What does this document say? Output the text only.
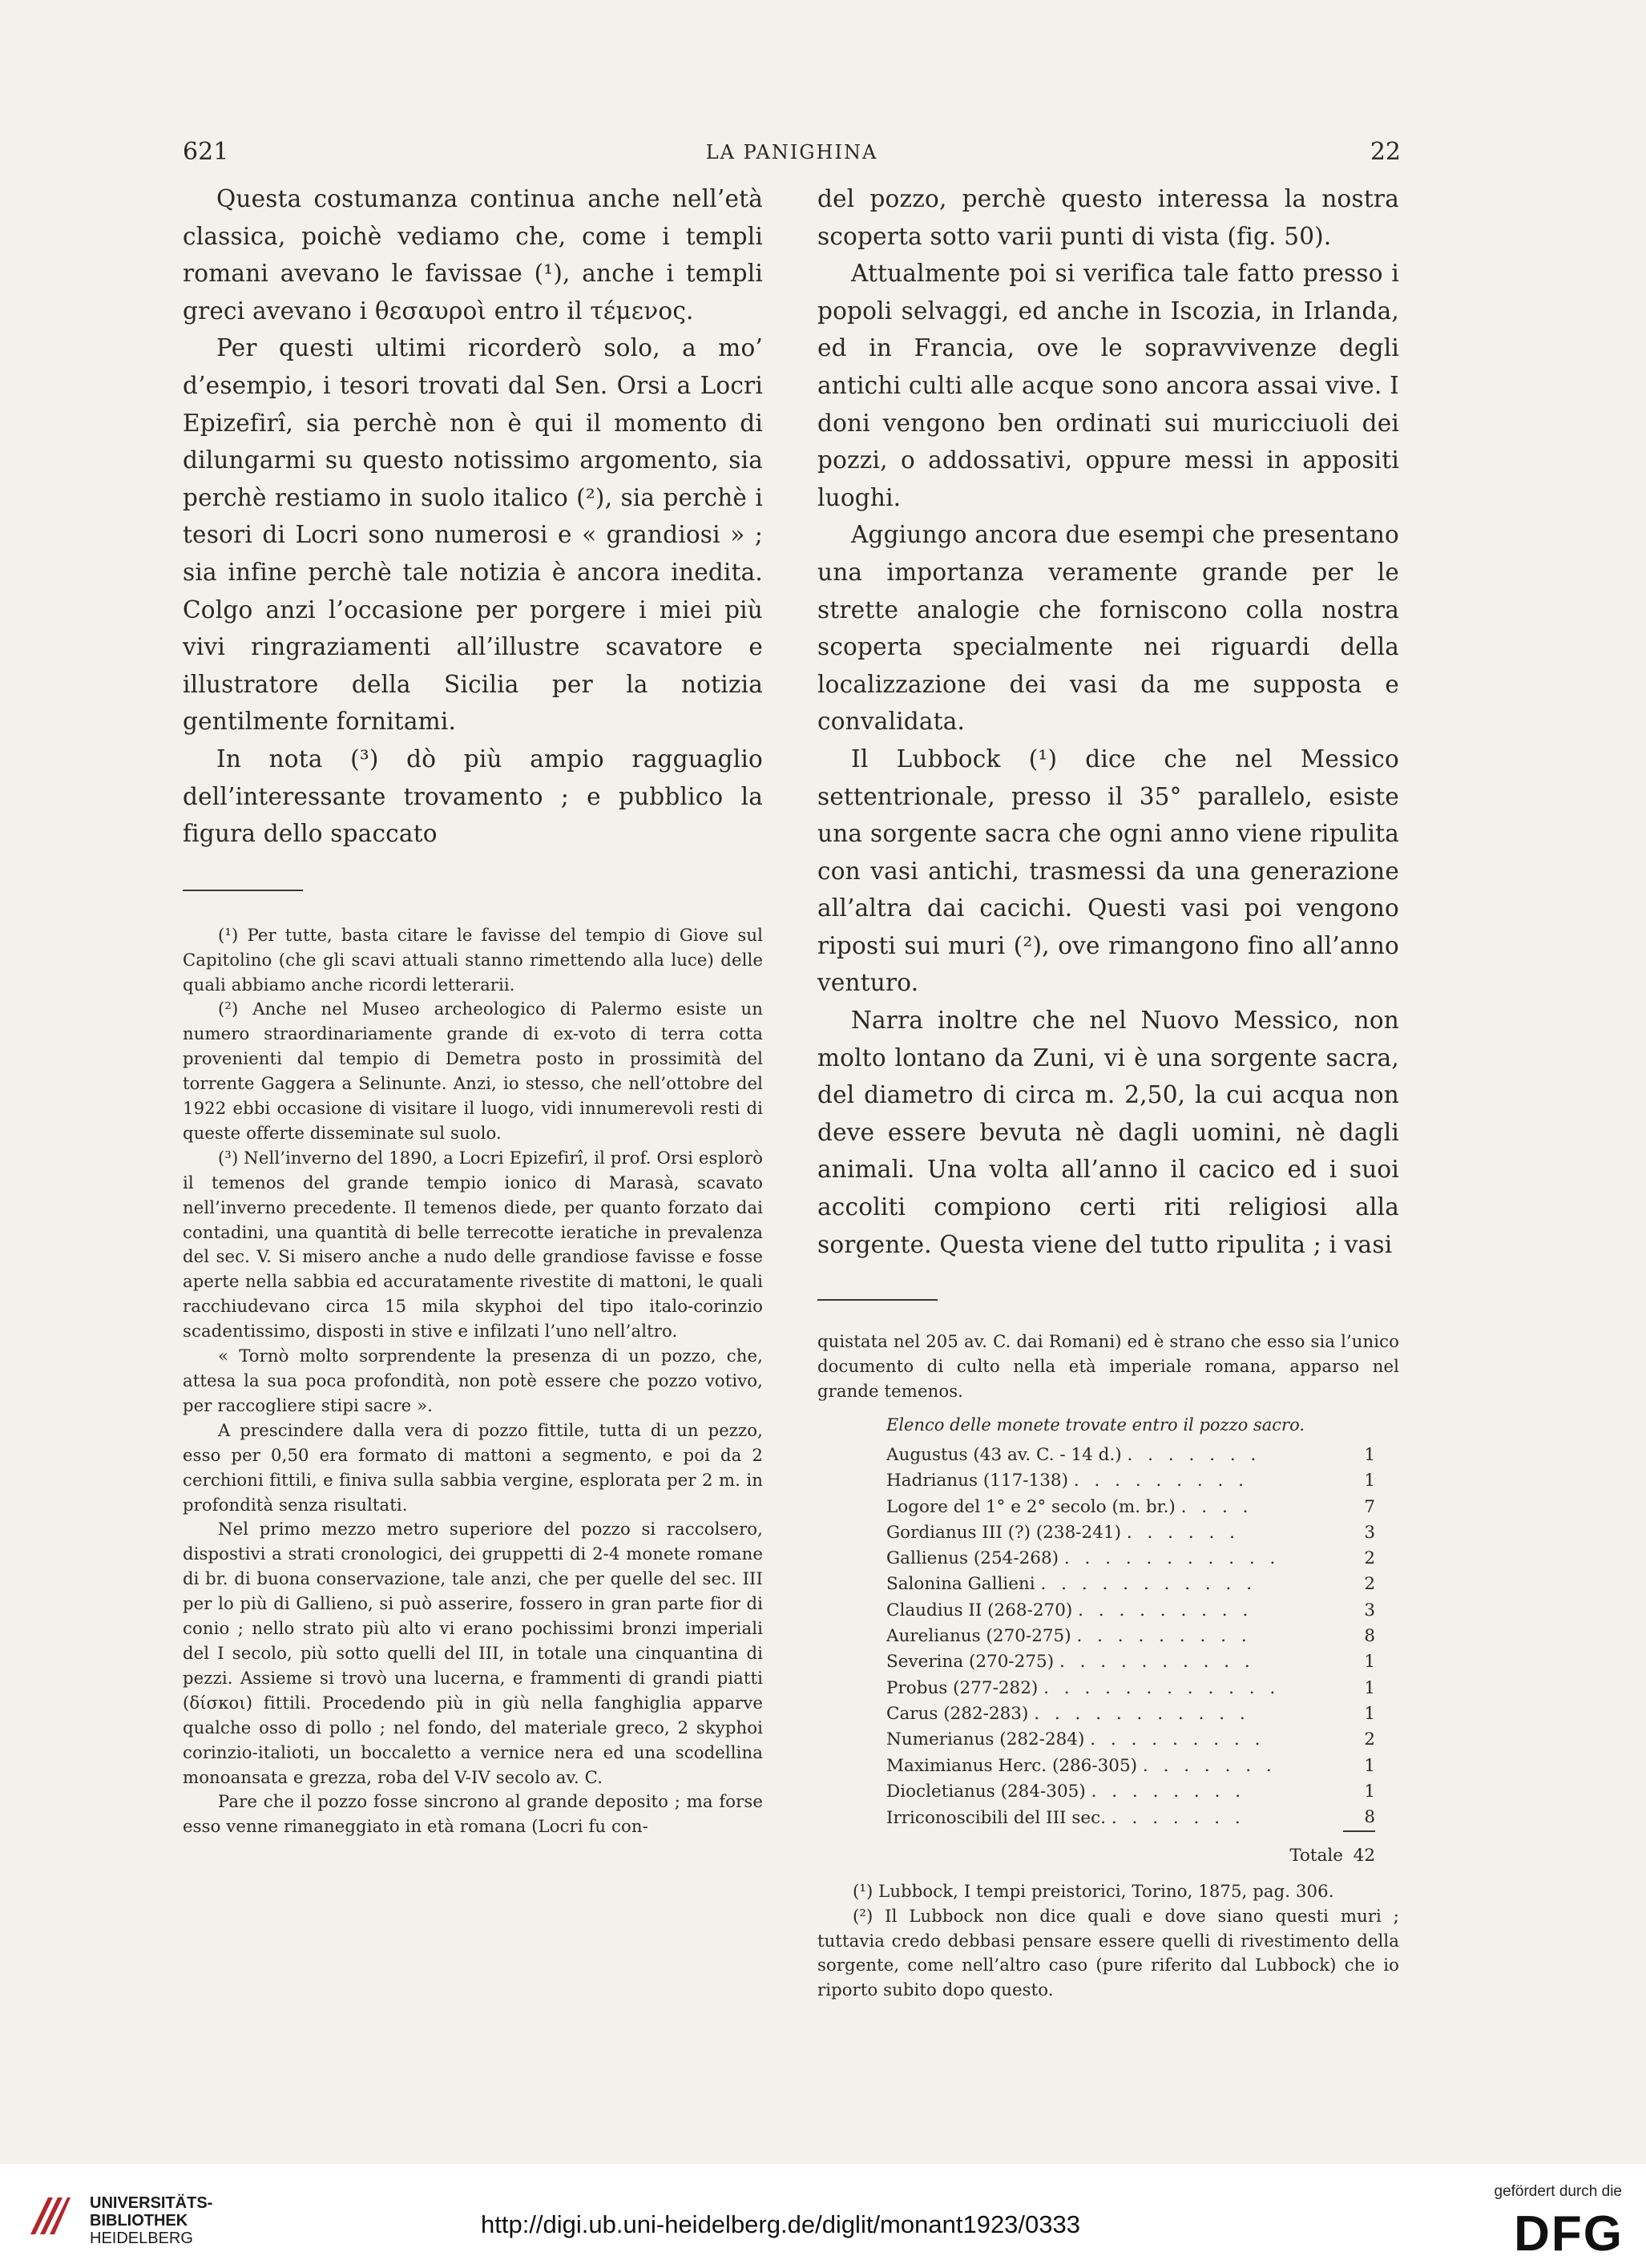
621	LA PANIGHINA	22

Questa costumanza continua anche nell’età classica, poichè vediamo che, come i templi romani avevano le favissae (¹), anche i templi greci avevano i θεσαυροὶ entro il τέμενος.

Per questi ultimi ricorderò solo, a mo’ d’esempio, i tesori trovati dal Sen. Orsi a Locri Epizefirî, sia perchè non è qui il momento di dilungarmi su questo notissimo argomento, sia perchè restiamo in suolo italico (²), sia perchè i tesori di Locri sono numerosi e « grandiosi » ; sia infine perchè tale notizia è ancora inedita. Colgo anzi l’occasione per porgere i miei più vivi ringraziamenti all’illustre scavatore e illustratore della Sicilia per la notizia gentilmente fornitami.

In nota (³) dò più ampio ragguaglio dell’interessante trovamento ; e pubblico la figura dello spaccato

(¹) Per tutte, basta citare le favisse del tempio di Giove sul Capitolino (che gli scavi attuali stanno rimettendo alla luce) delle quali abbiamo anche ricordi letterarii.

(²) Anche nel Museo archeologico di Palermo esiste un numero straordinariamente grande di ex-voto di terra cotta provenienti dal tempio di Demetra posto in prossimità del torrente Gaggera a Selinunte. Anzi, io stesso, che nell’ottobre del 1922 ebbi occasione di visitare il luogo, vidi innumerevoli resti di queste offerte disseminate sul suolo.

(³) Nell’inverno del 1890, a Locri Epizefirî, il prof. Orsi esplorò il temenos del grande tempio ionico di Marasà, scavato nell’inverno precedente. Il temenos diede, per quanto forzato dai contadini, una quantità di belle terrecotte ieratiche in prevalenza del sec. V. Si misero anche a nudo delle grandiose favisse e fosse aperte nella sabbia ed accuratamente rivestite di mattoni, le quali racchiudevano circa 15 mila skyphoi del tipo italo-corinzio scadentissimo, disposti in stive e infilzati l’uno nell’altro.

« Tornò molto sorprendente la presenza di un pozzo, che, attesa la sua poca profondità, non potè essere che pozzo votivo, per raccogliere stipi sacre ».

A prescindere dalla vera di pozzo fittile, tutta di un pezzo, esso per 0,50 era formato di mattoni a segmento, e poi da 2 cerchioni fittili, e finiva sulla sabbia vergine, esplorata per 2 m. in profondità senza risultati.

Nel primo mezzo metro superiore del pozzo si raccolsero, dispostivi a strati cronologici, dei gruppetti di 2-4 monete romane di br. di buona conservazione, tale anzi, che per quelle del sec. III per lo più di Gallieno, si può asserire, fossero in gran parte fior di conio ; nello strato più alto vi erano pochissimi bronzi imperiali del I secolo, più sotto quelli del III, in totale una cinquantina di pezzi. Assieme si trovò una lucerna, e frammenti di grandi piatti (δίσκοι) fittili. Procedendo più in giù nella fanghiglia apparve qualche osso di pollo ; nel fondo, del materiale greco, 2 skyphoi corinzio-italioti, un boccaletto a vernice nera ed una scodellina monoansata e grezza, roba del V-IV secolo av. C.

Pare che il pozzo fosse sincrono al grande deposito ; ma forse esso venne rimaneggiato in età romana (Locri fu con-

del pozzo, perchè questo interessa la nostra scoperta sotto varii punti di vista (fig. 50).

Attualmente poi si verifica tale fatto presso i popoli selvaggi, ed anche in Iscozia, in Irlanda, ed in Francia, ove le sopravvivenze degli antichi culti alle acque sono ancora assai vive. I doni vengono ben ordinati sui muricciuoli dei pozzi, o addossativi, oppure messi in appositi luoghi.

Aggiungo ancora due esempi che presentano una importanza veramente grande per le strette analogie che forniscono colla nostra scoperta specialmente nei riguardi della localizzazione dei vasi da me supposta e convalidata.

Il Lubbock (¹) dice che nel Messico settentrionale, presso il 35° parallelo, esiste una sorgente sacra che ogni anno viene ripulita con vasi antichi, trasmessi da una generazione all’altra dai cacichi. Questi vasi poi vengono riposti sui muri (²), ove rimangono fino all’anno venturo.

Narra inoltre che nel Nuovo Messico, non molto lontano da Zuni, vi è una sorgente sacra, del diametro di circa m. 2,50, la cui acqua non deve essere bevuta nè dagli uomini, nè dagli animali. Una volta all’anno il cacico ed i suoi accoliti compiono certi riti religiosi alla sorgente. Questa viene del tutto ripulita ; i vasi

quistata nel 205 av. C. dai Romani) ed è strano che esso sia l’unico documento di culto nella età imperiale romana, apparso nel grande temenos.

Elenco delle monete trovate entro il pozzo sacro.
Augustus (43 av. C. - 14 d.) . . . . . . .	1
Hadrianus (117-138) . . . . . . . . .	1
Logore del 1° e 2° secolo (m. br.) . . . .	7
Gordianus III (?) (238-241) . . . . . .	3
Gallienus (254-268) . . . . . . . . . . .	2
Salonina Gallieni . . . . . . . . . . .	2
Claudius II (268-270) . . . . . . . . .	3
Aurelianus (270-275) . . . . . . . . .	8
Severina (270-275) . . . . . . . . . .	1
Probus (277-282) . . . . . . . . . . . .	1
Carus (282-283) . . . . . . . . . . .	1
Numerianus (282-284) . . . . . . . . .	2
Maximianus Herc. (286-305) . . . . . . .	1
Diocletianus (284-305) . . . . . . . .	1
Irriconoscibili del III sec. . . . . . . .	8
Totale	42

(¹) Lubbock, I tempi preistorici, Torino, 1875, pag. 306.

(²) Il Lubbock non dice quali e dove siano questi muri ; tuttavia credo debbasi pensare essere quelli di rivestimento della sorgente, come nell’altro caso (pure riferito dal Lubbock) che io riporto subito dopo questo.

UNIVERSITÄTS-
BIBLIOTHEK
HEIDELBERG	http://digi.ub.uni-heidelberg.de/diglit/monant1923/0333
gefördert durch die
DFG
